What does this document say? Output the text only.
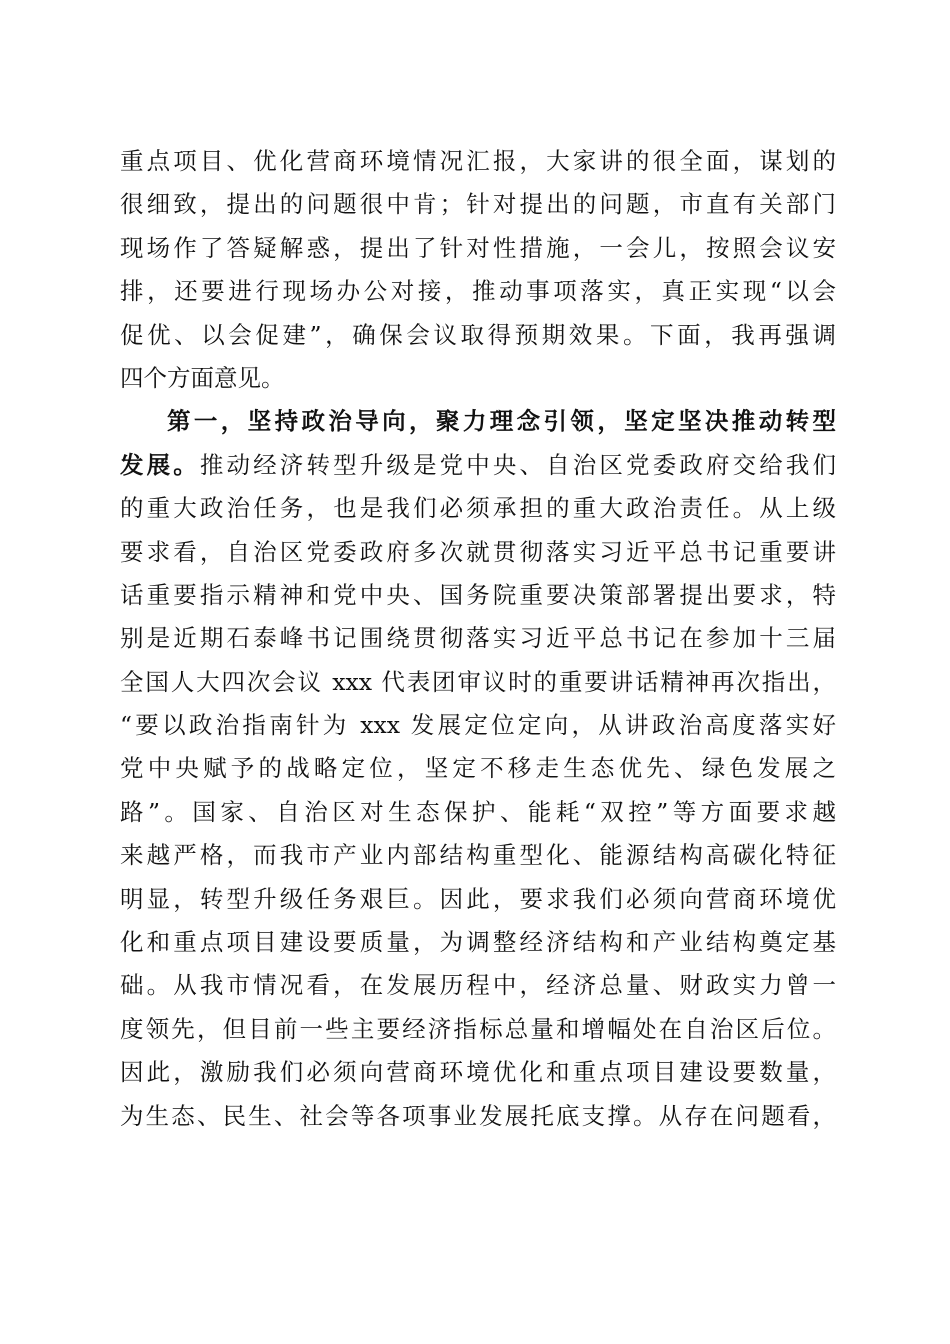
重点项目、优化营商环境情况汇报，大家讲的很全面，谋划的
很细致，提出的问题很中肯；针对提出的问题，市直有关部门
现场作了答疑解惑，提出了针对性措施，一会儿，按照会议安
排，还要进行现场办公对接，推动事项落实，真正实现“以会
促优、以会促建”，确保会议取得预期效果。下面，我再强调
四个方面意见。
第一，坚持政治导向，聚力理念引领，坚定坚决推动转型
发展。推动经济转型升级是党中央、自治区党委政府交给我们
的重大政治任务，也是我们必须承担的重大政治责任。从上级
要求看，自治区党委政府多次就贯彻落实习近平总书记重要讲
话重要指示精神和党中央、国务院重要决策部署提出要求，特
别是近期石泰峰书记围绕贯彻落实习近平总书记在参加十三届
全国人大四次会议 xxx 代表团审议时的重要讲话精神再次指出，
“要以政治指南针为 xxx 发展定位定向，从讲政治高度落实好
党中央赋予的战略定位，坚定不移走生态优先、绿色发展之
路”。国家、自治区对生态保护、能耗“双控”等方面要求越
来越严格，而我市产业内部结构重型化、能源结构高碳化特征
明显，转型升级任务艰巨。因此，要求我们必须向营商环境优
化和重点项目建设要质量，为调整经济结构和产业结构奠定基
础。从我市情况看，在发展历程中，经济总量、财政实力曾一
度领先，但目前一些主要经济指标总量和增幅处在自治区后位。
因此，激励我们必须向营商环境优化和重点项目建设要数量，
为生态、民生、社会等各项事业发展托底支撑。从存在问题看，
